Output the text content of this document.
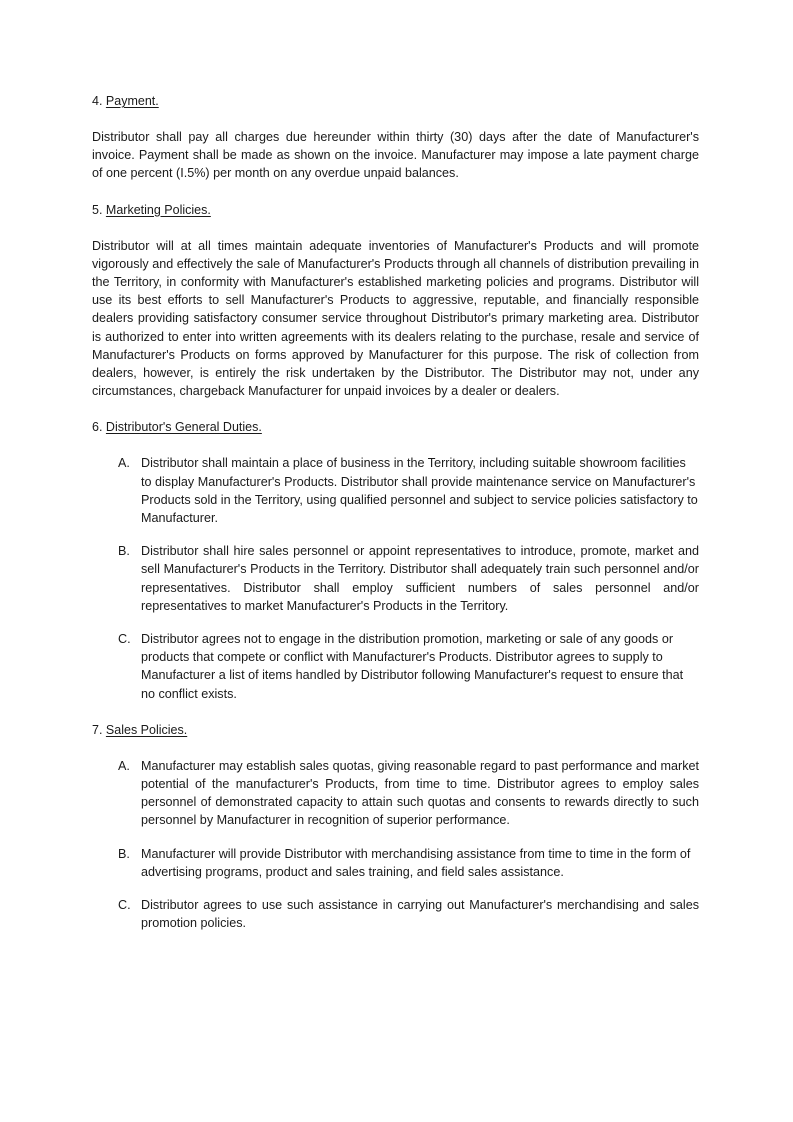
4. Payment.

Distributor shall pay all charges due hereunder within thirty (30) days after the date of Manufacturer's invoice. Payment shall be made as shown on the invoice. Manufacturer may impose a late payment charge of one percent (I.5%) per month on any overdue unpaid balances.

5. Marketing Policies.

Distributor will at all times maintain adequate inventories of Manufacturer's Products and will promote vigorously and effectively the sale of Manufacturer's Products through all channels of distribution prevailing in the Territory, in conformity with Manufacturer's established marketing policies and programs. Distributor will use its best efforts to sell Manufacturer's Products to aggressive, reputable, and financially responsible dealers providing satisfactory consumer service throughout Distributor's primary marketing area. Distributor is authorized to enter into written agreements with its dealers relating to the purchase, resale and service of Manufacturer's Products on forms approved by Manufacturer for this purpose. The risk of collection from dealers, however, is entirely the risk undertaken by the Distributor. The Distributor may not, under any circumstances, chargeback Manufacturer for unpaid invoices by a dealer or dealers.

6. Distributor's General Duties.

A. Distributor shall maintain a place of business in the Territory, including suitable showroom facilities to display Manufacturer's Products. Distributor shall provide maintenance service on Manufacturer's Products sold in the Territory, using qualified personnel and subject to service policies satisfactory to Manufacturer.
B. Distributor shall hire sales personnel or appoint representatives to introduce, promote, market and sell Manufacturer's Products in the Territory. Distributor shall adequately train such personnel and/or representatives. Distributor shall employ sufficient numbers of sales personnel and/or representatives to market Manufacturer's Products in the Territory.
C. Distributor agrees not to engage in the distribution promotion, marketing or sale of any goods or products that compete or conflict with Manufacturer's Products. Distributor agrees to supply to Manufacturer a list of items handled by Distributor following Manufacturer's request to ensure that no conflict exists.

7. Sales Policies.

A. Manufacturer may establish sales quotas, giving reasonable regard to past performance and market potential of the manufacturer's Products, from time to time. Distributor agrees to employ sales personnel of demonstrated capacity to attain such quotas and consents to rewards directly to such personnel by Manufacturer in recognition of superior performance.
B. Manufacturer will provide Distributor with merchandising assistance from time to time in the form of advertising programs, product and sales training, and field sales assistance.
C. Distributor agrees to use such assistance in carrying out Manufacturer's merchandising and sales promotion policies.
